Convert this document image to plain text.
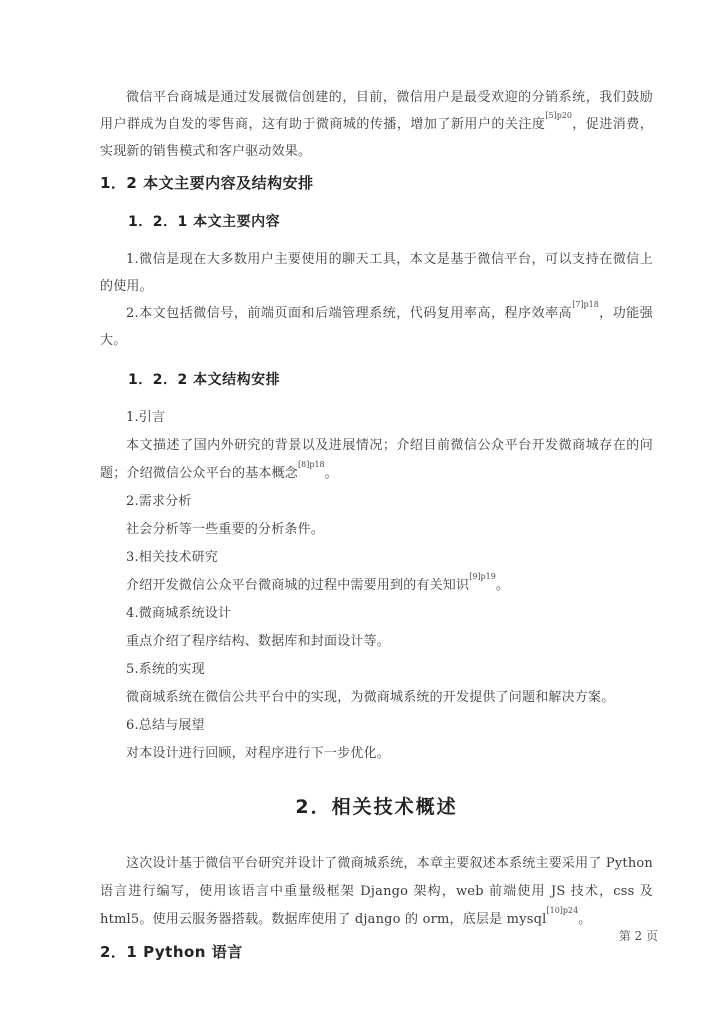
微信平台商城是通过发展微信创建的，目前，微信用户是最受欢迎的分销系统，我们鼓励用户群成为自发的零售商，这有助于微商城的传播，增加了新用户的关注度$^{[5]p20}$，促进消费，实现新的销售模式和客户驱动效果。

1．2 本文主要内容及结构安排
1．2．1 本文主要内容

1.微信是现在大多数用户主要使用的聊天工具，本文是基于微信平台，可以支持在微信上的使用。

2.本文包括微信号，前端页面和后端管理系统，代码复用率高，程序效率高$^{[7]p18}$，功能强大。

1．2．2 本文结构安排

1.引言

本文描述了国内外研究的背景以及进展情况；介绍目前微信公众平台开发微商城存在的问题；介绍微信公众平台的基本概念$^{[8]p18}$。

2.需求分析

社会分析等一些重要的分析条件。

3.相关技术研究

介绍开发微信公众平台微商城的过程中需要用到的有关知识$^{[9]p19}$。

4.微商城系统设计

重点介绍了程序结构、数据库和封面设计等。

5.系统的实现

微商城系统在微信公共平台中的实现，为微商城系统的开发提供了问题和解决方案。

6.总结与展望

对本设计进行回顾，对程序进行下一步优化。

2．相关技术概述

这次设计基于微信平台研究并设计了微商城系统，本章主要叙述本系统主要采用了 Python 语言进行编写，使用该语言中重量级框架 Django 架构，web 前端使用 JS 技术，css 及 html5。使用云服务器搭载。数据库使用了 django 的 orm，底层是 mysql$^{[10]p24}$。

2．1 Python 语言
第 2 页
